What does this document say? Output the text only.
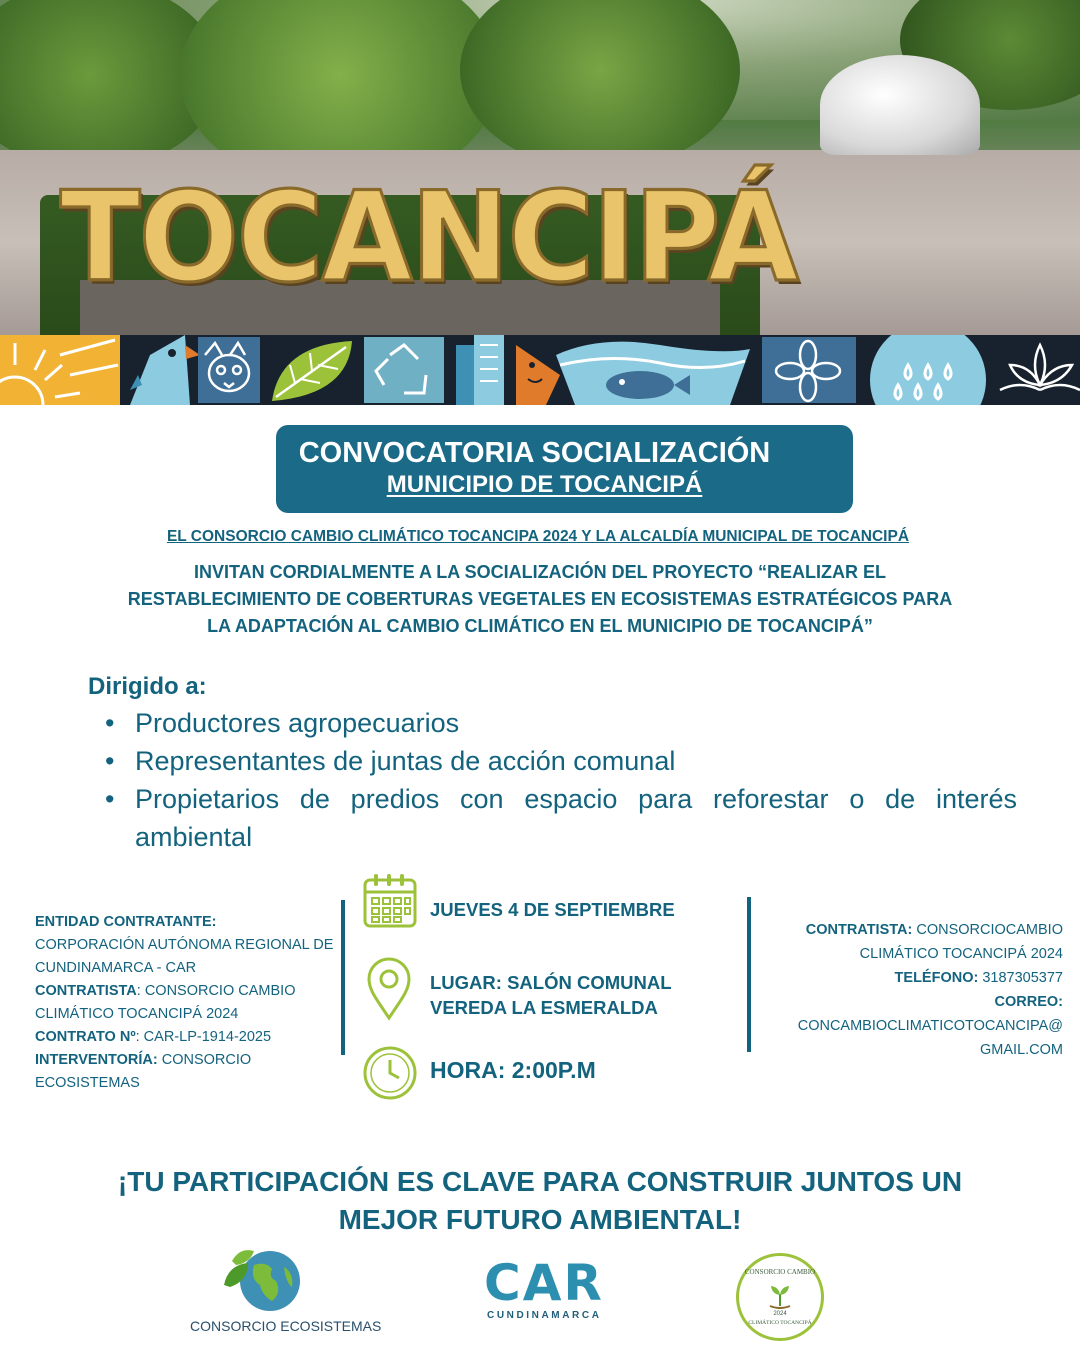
TOCANCIPÁ
CONVOCATORIA SOCIALIZACIÓN
MUNICIPIO DE TOCANCIPÁ
EL CONSORCIO CAMBIO CLIMÁTICO TOCANCIPA 2024 Y LA ALCALDÍA MUNICIPAL DE TOCANCIPÁ
INVITAN CORDIALMENTE A LA SOCIALIZACIÓN DEL PROYECTO “REALIZAR EL
RESTABLECIMIENTO DE COBERTURAS VEGETALES EN ECOSISTEMAS ESTRATÉGICOS PARA
LA ADAPTACIÓN AL CAMBIO CLIMÁTICO EN EL MUNICIPIO DE TOCANCIPÁ”
Dirigido a:
• Productores agropecuarios
• Representantes de juntas de acción comunal
• Propietarios de predios con espacio para reforestar o de interés ambiental
ENTIDAD CONTRATANTE:
CORPORACIÓN AUTÓNOMA REGIONAL DE CUNDINAMARCA - CAR
CONTRATISTA: CONSORCIO CAMBIO CLIMÁTICO TOCANCIPÁ 2024
CONTRATO Nº: CAR-LP-1914-2025
INTERVENTORÍA: CONSORCIO ECOSISTEMAS
JUEVES 4 DE SEPTIEMBRE
LUGAR: SALÓN COMUNAL
VEREDA LA ESMERALDA
HORA: 2:00P.M
CONTRATISTA: CONSORCIOCAMBIO CLIMÁTICO TOCANCIPÁ 2024
TELÉFONO: 3187305377
CORREO:
CONCAMBIOCLIMATICOTOCANCIPA@ GMAIL.COM
¡TU PARTICIPACIÓN ES CLAVE PARA CONSTRUIR JUNTOS UN
MEJOR FUTURO AMBIENTAL!
CONSORCIO ECOSISTEMAS
CAR
CUNDINAMARCA
CONSORCIO CAMBIO
2024
CLIMÁTICO TOCANCIPÁ
